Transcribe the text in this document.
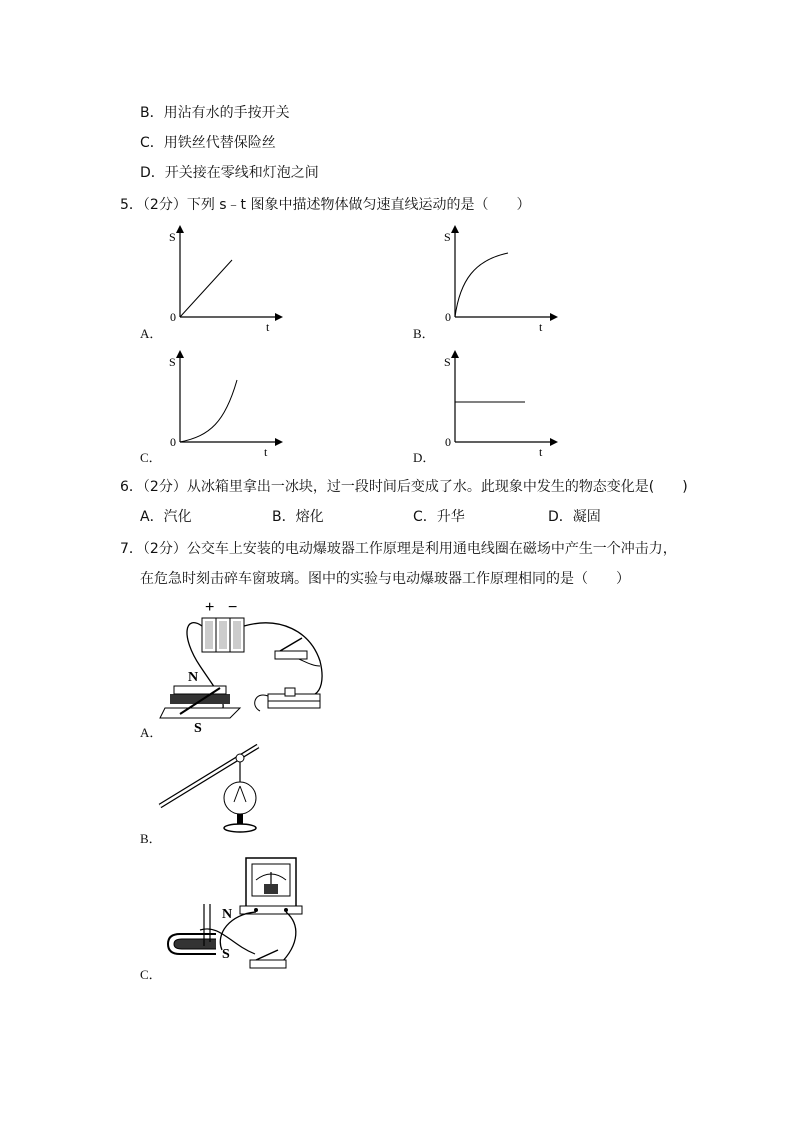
B．用沾有水的手按开关
C．用铁丝代替保险丝
D．开关接在零线和灯泡之间
5．（2分）下列 s﹣t 图象中描述物体做匀速直线运动的是（　　）
S
t
0
A．
S
t
0
B．
S
t
0
C．
S
t
0
D．
6．（2分）从冰箱里拿出一冰块，过一段时间后变成了水。此现象中发生的物态变化是(　　)
A．汽化	B．熔化	C．升华	D．凝固
7．（2分）公交车上安装的电动爆玻器工作原理是利用通电线圈在磁场中产生一个冲击力，
在危急时刻击碎车窗玻璃。图中的实验与电动爆玻器工作原理相同的是（　　）
+ −
N
S
A．
B．
N
S
C．
